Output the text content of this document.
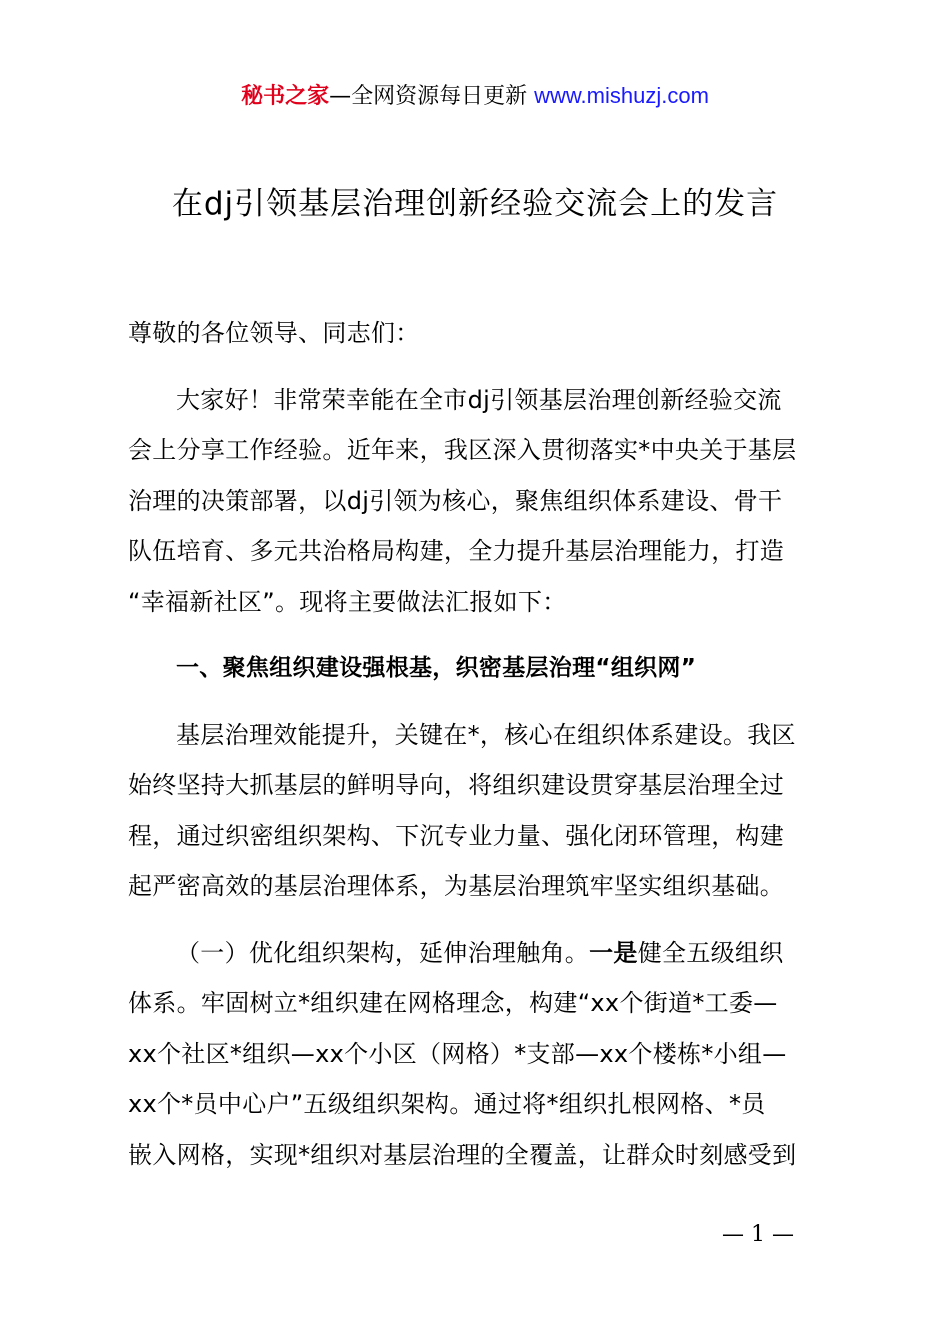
秘书之家—全网资源每日更新 www.mishuzj.com
在dj引领基层治理创新经验交流会上的发言
尊敬的各位领导、同志们：
大家好！非常荣幸能在全市dj引领基层治理创新经验交流
会上分享工作经验。近年来，我区深入贯彻落实*中央关于基层
治理的决策部署，以dj引领为核心，聚焦组织体系建设、骨干
队伍培育、多元共治格局构建，全力提升基层治理能力，打造
“幸福新社区”。现将主要做法汇报如下：
一、聚焦组织建设强根基，织密基层治理“组织网”
基层治理效能提升，关键在*，核心在组织体系建设。我区
始终坚持大抓基层的鲜明导向，将组织建设贯穿基层治理全过
程，通过织密组织架构、下沉专业力量、强化闭环管理，构建
起严密高效的基层治理体系，为基层治理筑牢坚实组织基础。
（一）优化组织架构，延伸治理触角。一是健全五级组织
体系。牢固树立*组织建在网格理念，构建“xx个街道*工委—
xx个社区*组织—xx个小区（网格）*支部—xx个楼栋*小组—
xx个*员中心户”五级组织架构。通过将*组织扎根网格、*员
嵌入网格，实现*组织对基层治理的全覆盖，让群众时刻感受到
— 1 —
